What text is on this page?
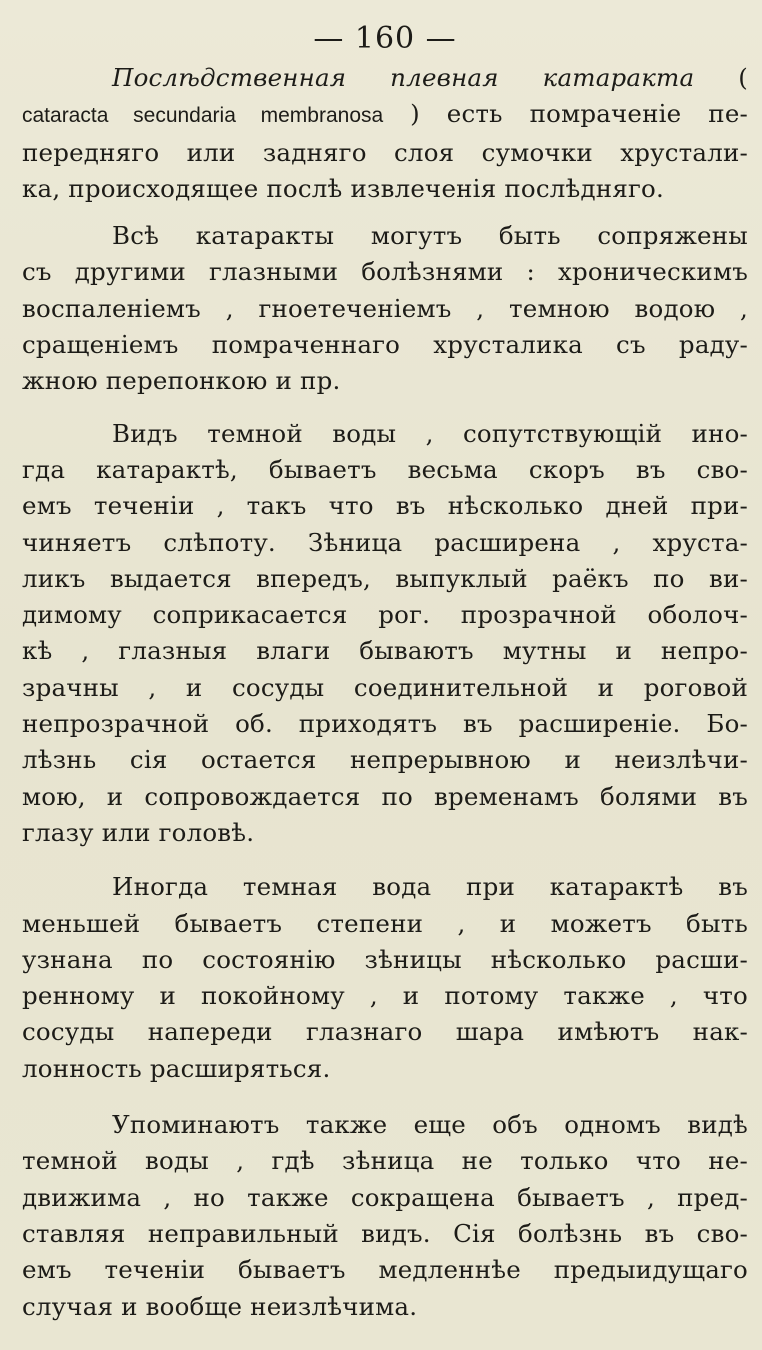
— 160 —
Послѣдственная плевная катаракта (
cataracta secundaria membranosa ) есть помраченіе пе-
передняго или задняго слоя сумочки хрустали-
ка, происходящее послѣ извлеченія послѣдняго.
Всѣ катаракты могутъ быть сопряжены
съ другими глазными болѣзнями : хроническимъ
воспаленіемъ , гноетеченіемъ , темною водою ,
сращеніемъ помраченнаго хрусталика съ раду-
жною перепонкою и пр.
Видъ темной воды , сопутствующій ино-
гда катарактѣ, бываетъ весьма скоръ въ сво-
емъ теченіи , такъ что въ нѣсколько дней при-
чиняетъ слѣпоту. Зѣница расширена , хруста-
ликъ выдается впередъ, выпуклый раёкъ по ви-
димому соприкасается рог. прозрачной оболоч-
кѣ , глазныя влаги бываютъ мутны и непро-
зрачны , и сосуды соединительной и роговой
непрозрачной об. приходятъ въ расширеніе. Бо-
лѣзнь сія остается непрерывною и неизлѣчи-
мою, и сопровождается по временамъ болями въ
глазу или головѣ.
Иногда темная вода при катарактѣ въ
меньшей бываетъ степени , и можетъ быть
узнана по состоянію зѣницы нѣсколько расши-
ренному и покойному , и потому также , что
сосуды напереди глазнаго шара имѣютъ нак-
лонность расширяться.
Упоминаютъ также еще объ одномъ видѣ
темной воды , гдѣ зѣница не только что не-
движима , но также сокращена бываетъ , пред-
ставляя неправильный видъ. Сія болѣзнь въ сво-
емъ теченіи бываетъ медленнѣе предыидущаго
случая и вообще неизлѣчима.
